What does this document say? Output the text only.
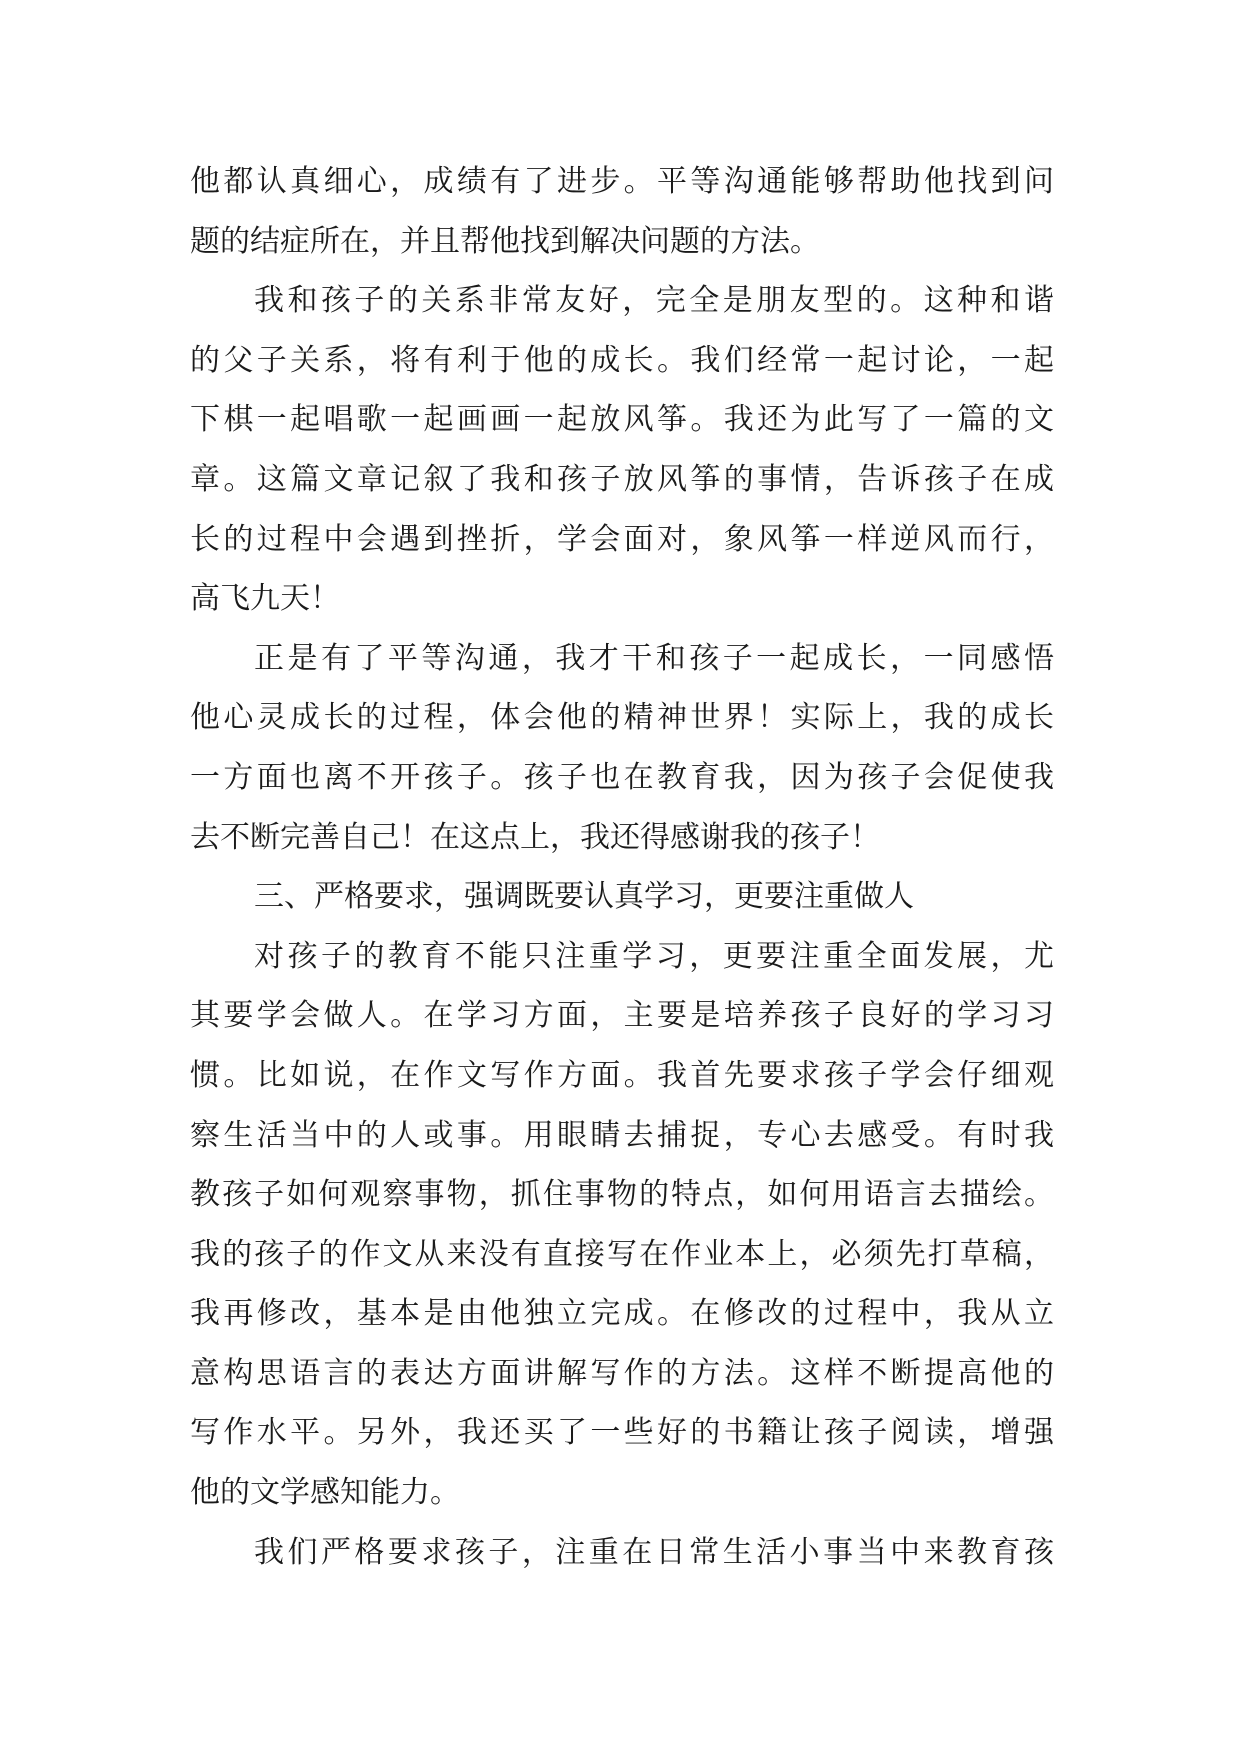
他都认真细心，成绩有了进步。平等沟通能够帮助他找到问
题的结症所在，并且帮他找到解决问题的方法。
我和孩子的关系非常友好，完全是朋友型的。这种和谐
的父子关系，将有利于他的成长。我们经常一起讨论，一起
下棋一起唱歌一起画画一起放风筝。我还为此写了一篇的文
章。这篇文章记叙了我和孩子放风筝的事情，告诉孩子在成
长的过程中会遇到挫折，学会面对，象风筝一样逆风而行，
高飞九天！
正是有了平等沟通，我才干和孩子一起成长，一同感悟
他心灵成长的过程，体会他的精神世界！实际上，我的成长
一方面也离不开孩子。孩子也在教育我，因为孩子会促使我
去不断完善自己！在这点上，我还得感谢我的孩子！
三、严格要求，强调既要认真学习，更要注重做人
对孩子的教育不能只注重学习，更要注重全面发展，尤
其要学会做人。在学习方面，主要是培养孩子良好的学习习
惯。比如说，在作文写作方面。我首先要求孩子学会仔细观
察生活当中的人或事。用眼睛去捕捉，专心去感受。有时我
教孩子如何观察事物，抓住事物的特点，如何用语言去描绘。
我的孩子的作文从来没有直接写在作业本上，必须先打草稿，
我再修改，基本是由他独立完成。在修改的过程中，我从立
意构思语言的表达方面讲解写作的方法。这样不断提高他的
写作水平。另外，我还买了一些好的书籍让孩子阅读，增强
他的文学感知能力。
我们严格要求孩子，注重在日常生活小事当中来教育孩
